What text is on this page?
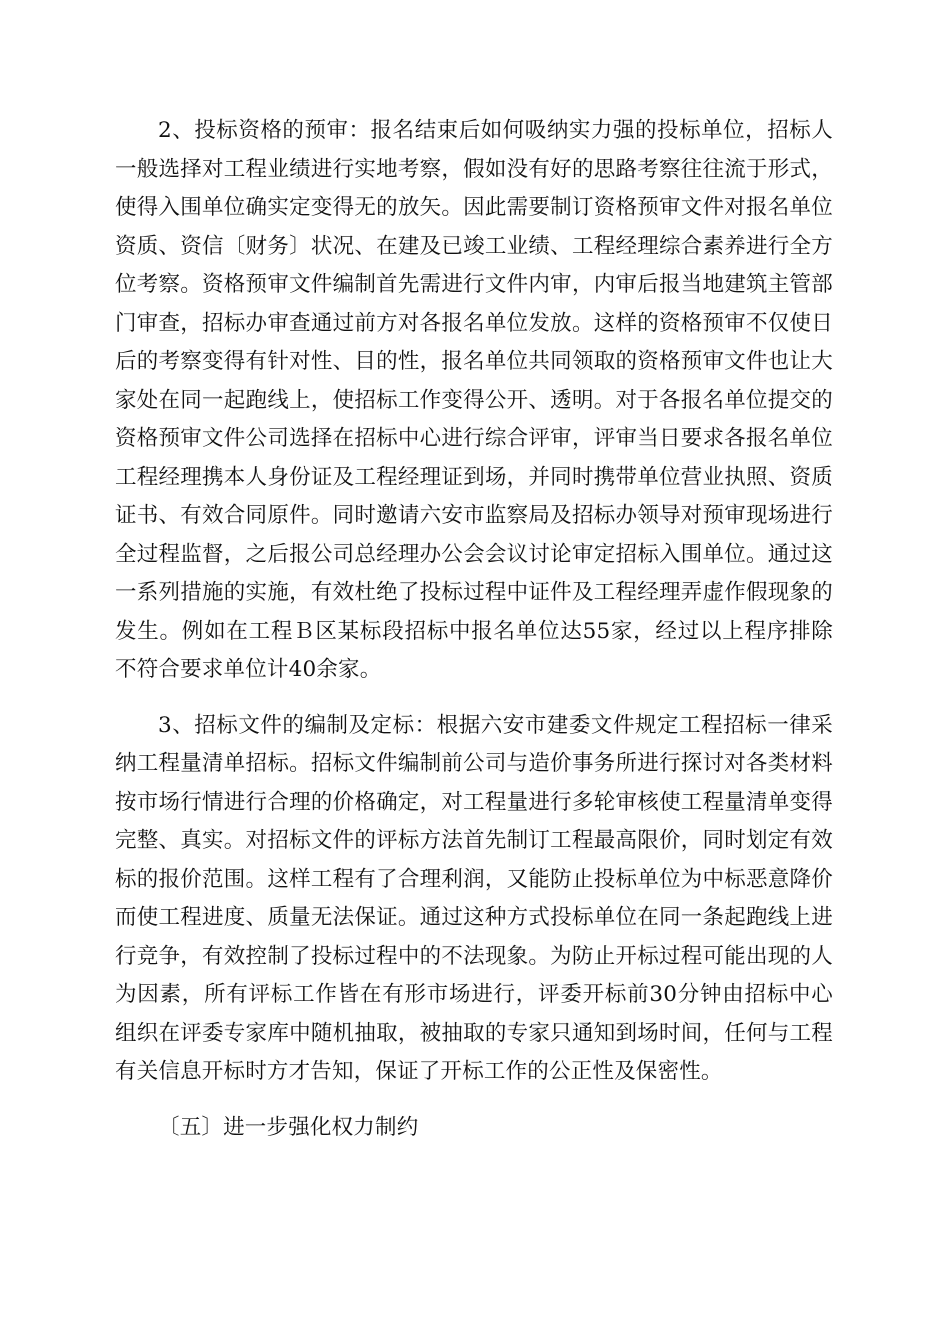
2、投标资格的预审：报名结束后如何吸纳实力强的投标单位，招标人一般选择对工程业绩进行实地考察，假如没有好的思路考察往往流于形式，使得入围单位确实定变得无的放矢。因此需要制订资格预审文件对报名单位资质、资信〔财务〕状况、在建及已竣工业绩、工程经理综合素养进行全方位考察。资格预审文件编制首先需进行文件内审，内审后报当地建筑主管部门审查，招标办审查通过前方对各报名单位发放。这样的资格预审不仅使日后的考察变得有针对性、目的性，报名单位共同领取的资格预审文件也让大家处在同一起跑线上，使招标工作变得公开、透明。对于各报名单位提交的资格预审文件公司选择在招标中心进行综合评审，评审当日要求各报名单位工程经理携本人身份证及工程经理证到场，并同时携带单位营业执照、资质证书、有效合同原件。同时邀请六安市监察局及招标办领导对预审现场进行全过程监督，之后报公司总经理办公会会议讨论审定招标入围单位。通过这一系列措施的实施，有效杜绝了投标过程中证件及工程经理弄虚作假现象的发生。例如在工程Ｂ区某标段招标中报名单位达55家，经过以上程序排除不符合要求单位计40余家。

3、招标文件的编制及定标：根据六安市建委文件规定工程招标一律采纳工程量清单招标。招标文件编制前公司与造价事务所进行探讨对各类材料按市场行情进行合理的价格确定，对工程量进行多轮审核使工程量清单变得完整、真实。对招标文件的评标方法首先制订工程最高限价，同时划定有效标的报价范围。这样工程有了合理利润，又能防止投标单位为中标恶意降价而使工程进度、质量无法保证。通过这种方式投标单位在同一条起跑线上进行竞争，有效控制了投标过程中的不法现象。为防止开标过程可能出现的人为因素，所有评标工作皆在有形市场进行，评委开标前30分钟由招标中心组织在评委专家库中随机抽取，被抽取的专家只通知到场时间，任何与工程有关信息开标时方才告知，保证了开标工作的公正性及保密性。

〔五〕进一步强化权力制约
